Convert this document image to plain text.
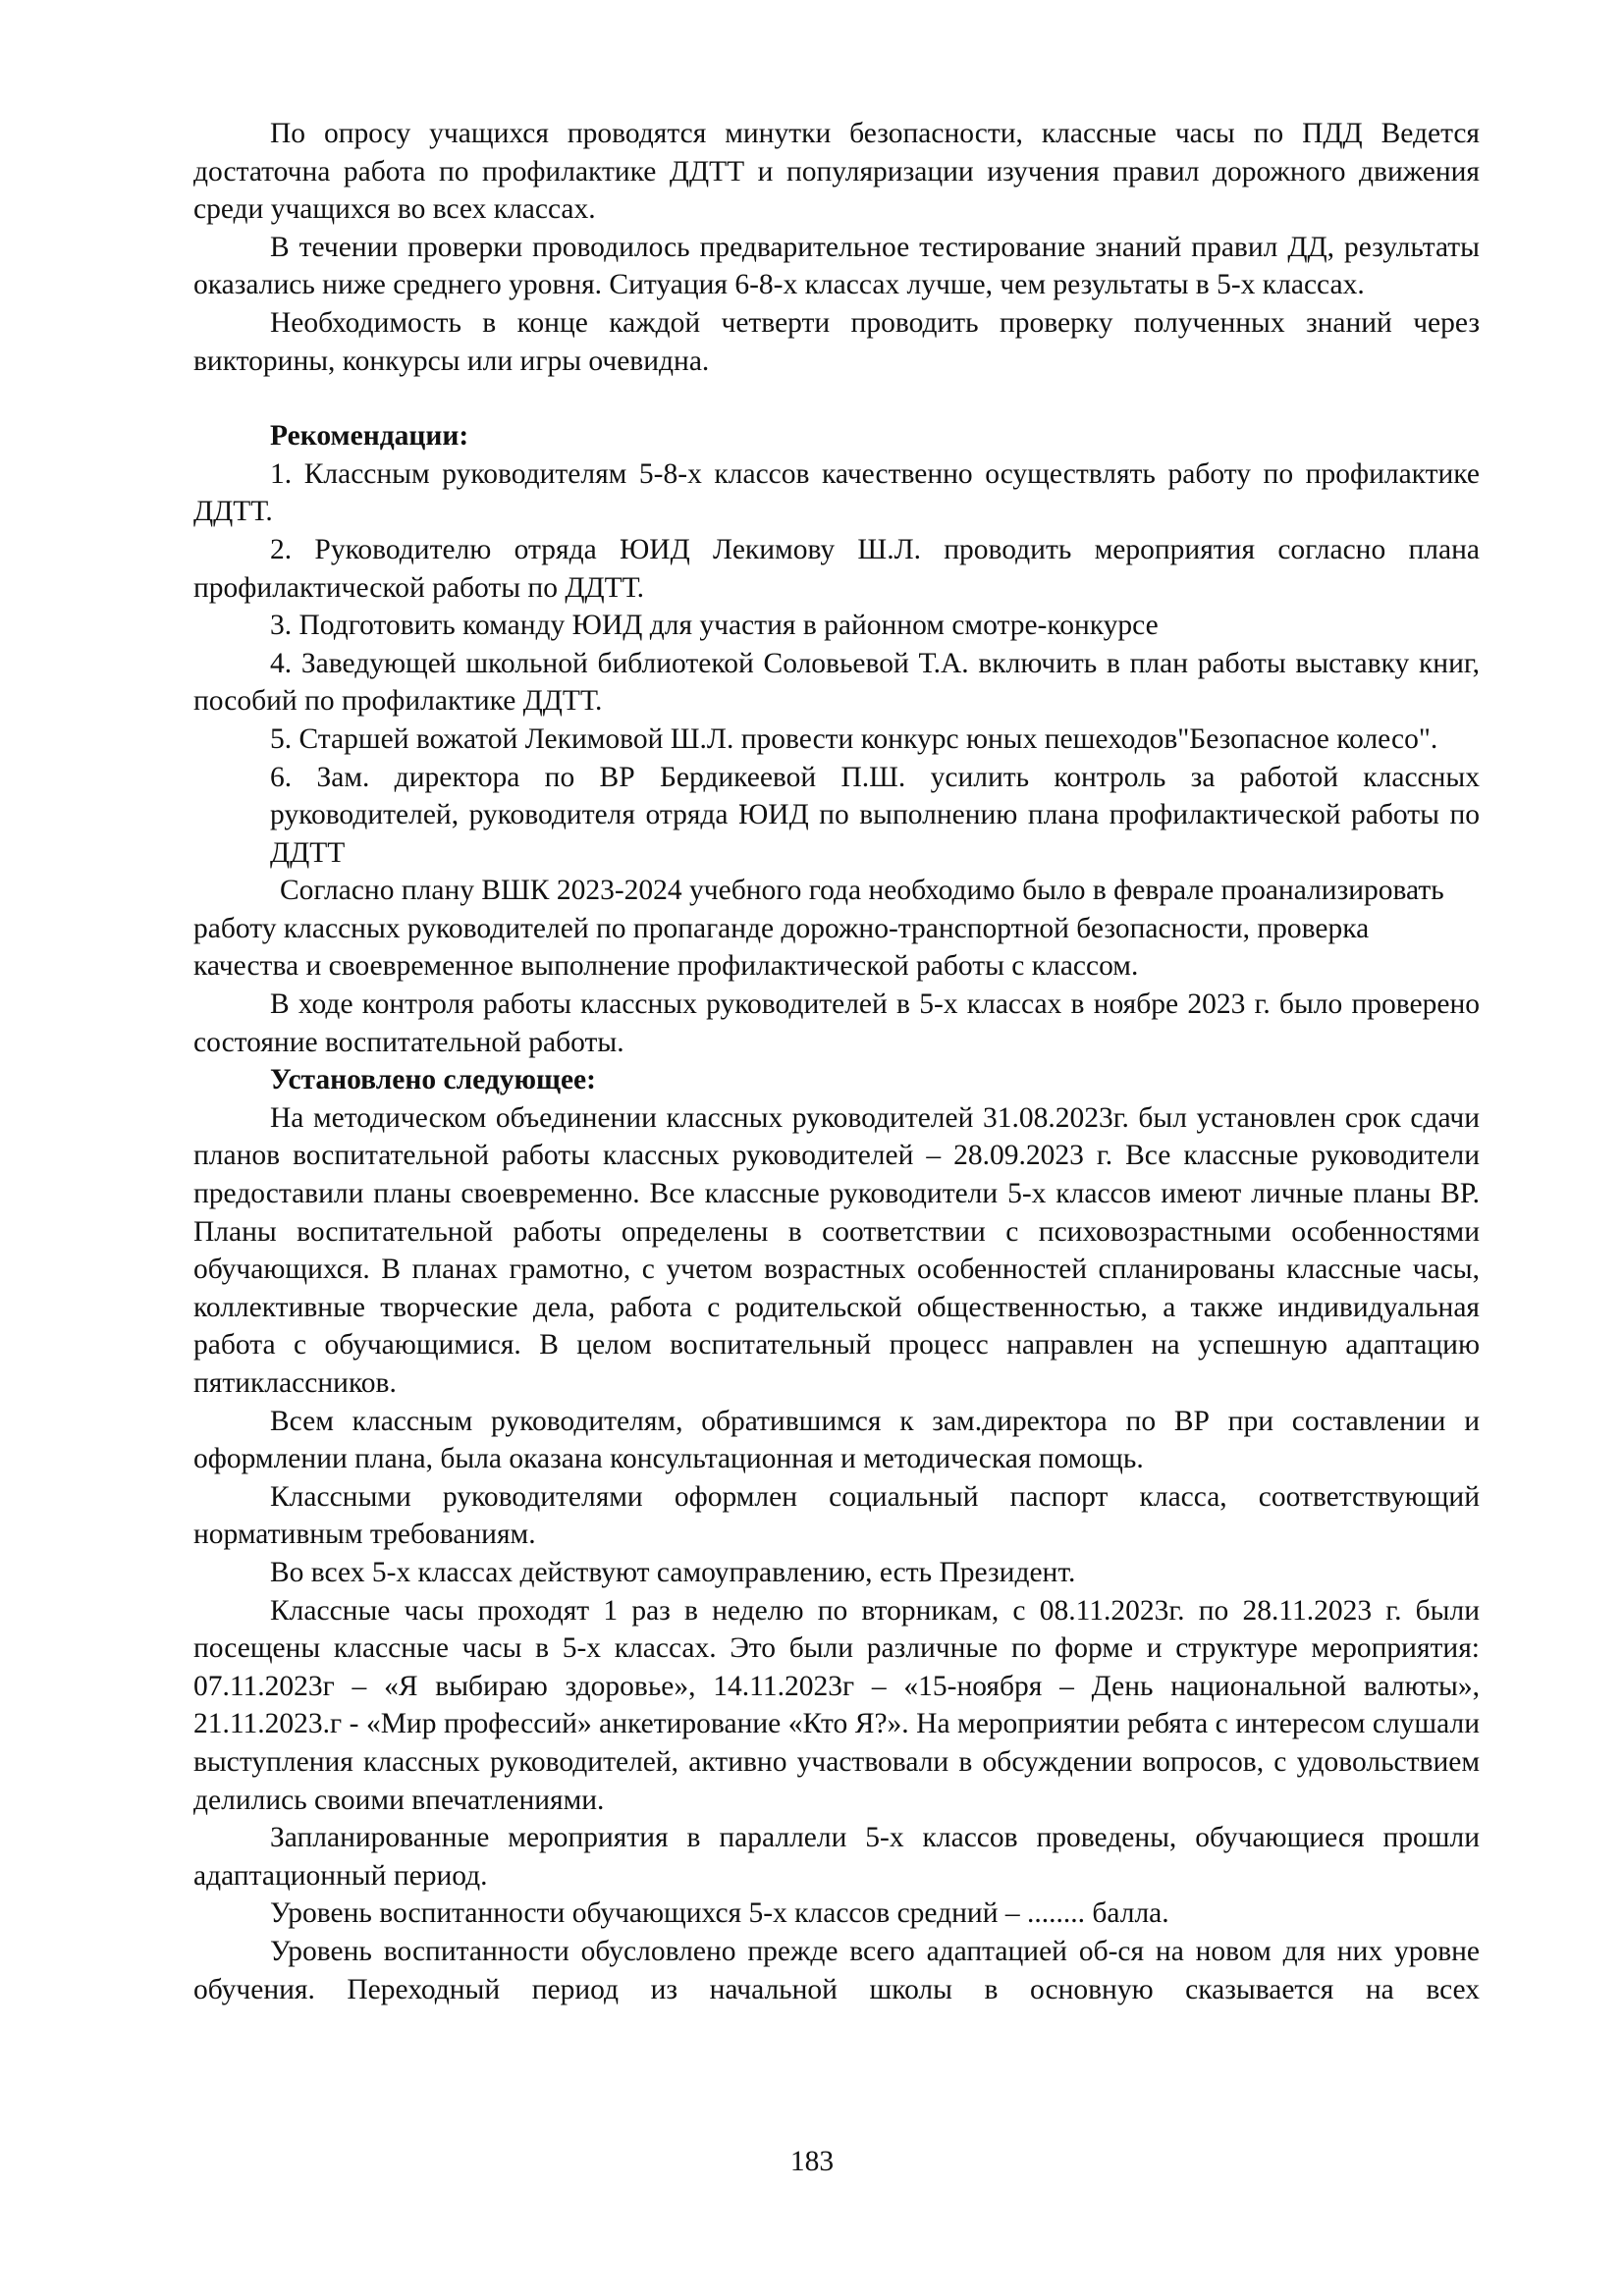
По опросу учащихся проводятся минутки безопасности, классные часы по ПДД Ведется достаточна работа по профилактике ДДТТ и популяризации изучения правил дорожного движения среди учащихся во всех классах.

В течении проверки проводилось предварительное тестирование знаний правил ДД, результаты оказались ниже среднего уровня. Ситуация 6-8-х классах лучше, чем результаты в 5-х классах.

Необходимость в конце каждой четверти проводить проверку полученных знаний через викторины, конкурсы или игры очевидна.

Рекомендации:

1. Классным руководителям 5-8-х классов качественно осуществлять работу по профилактике ДДТТ.

2. Руководителю отряда ЮИД Лекимову Ш.Л. проводить мероприятия согласно плана профилактической работы по ДДТТ.

3. Подготовить команду ЮИД для участия в районном смотре-конкурсе

4. Заведующей школьной библиотекой Соловьевой Т.А. включить в план работы выставку книг, пособий по профилактике ДДТТ.

5. Старшей вожатой Лекимовой Ш.Л. провести конкурс юных пешеходов"Безопасное колесо".

6. Зам. директора по ВР Бердикеевой П.Ш. усилить контроль за работой классных руководителей, руководителя отряда ЮИД по выполнению плана профилактической работы по ДДТТ

Согласно плану ВШК 2023-2024 учебного года необходимо было в феврале проанализировать работу классных руководителей по пропаганде дорожно-транспортной безопасности, проверка качества и своевременное выполнение профилактической работы с классом.

В ходе контроля работы классных руководителей в 5-х классах в ноябре 2023 г. было проверено состояние воспитательной работы.

Установлено следующее:

На методическом объединении классных руководителей 31.08.2023г. был установлен срок сдачи планов воспитательной работы классных руководителей – 28.09.2023 г. Все классные руководители предоставили планы своевременно. Все классные руководители 5-х классов имеют личные планы ВР. Планы воспитательной работы определены в соответствии с психовозрастными особенностями обучающихся. В планах грамотно, с учетом возрастных особенностей спланированы классные часы, коллективные творческие дела, работа с родительской общественностью, а также индивидуальная работа с обучающимися. В целом воспитательный процесс направлен на успешную адаптацию пятиклассников.

Всем классным руководителям, обратившимся к зам.директора по ВР при составлении и оформлении плана, была оказана консультационная и методическая помощь.

Классными руководителями оформлен социальный паспорт класса, соответствующий нормативным требованиям.

Во всех 5-х классах действуют самоуправлению, есть Президент.

Классные часы проходят 1 раз в неделю по вторникам, с 08.11.2023г. по 28.11.2023 г. были посещены классные часы в 5-х классах. Это были различные по форме и структуре мероприятия: 07.11.2023г – «Я выбираю здоровье», 14.11.2023г – «15-ноября – День национальной валюты», 21.11.2023.г - «Мир профессий» анкетирование «Кто Я?». На мероприятии ребята с интересом слушали выступления классных руководителей, активно участвовали в обсуждении вопросов, с удовольствием делились своими впечатлениями.

Запланированные мероприятия в параллели 5-х классов проведены, обучающиеся прошли адаптационный период.

Уровень воспитанности обучающихся 5-х классов средний – ........ балла.

Уровень воспитанности обусловлено прежде всего адаптацией об-ся на новом для них уровне обучения. Переходный период из начальной школы в основную сказывается на всех

183
